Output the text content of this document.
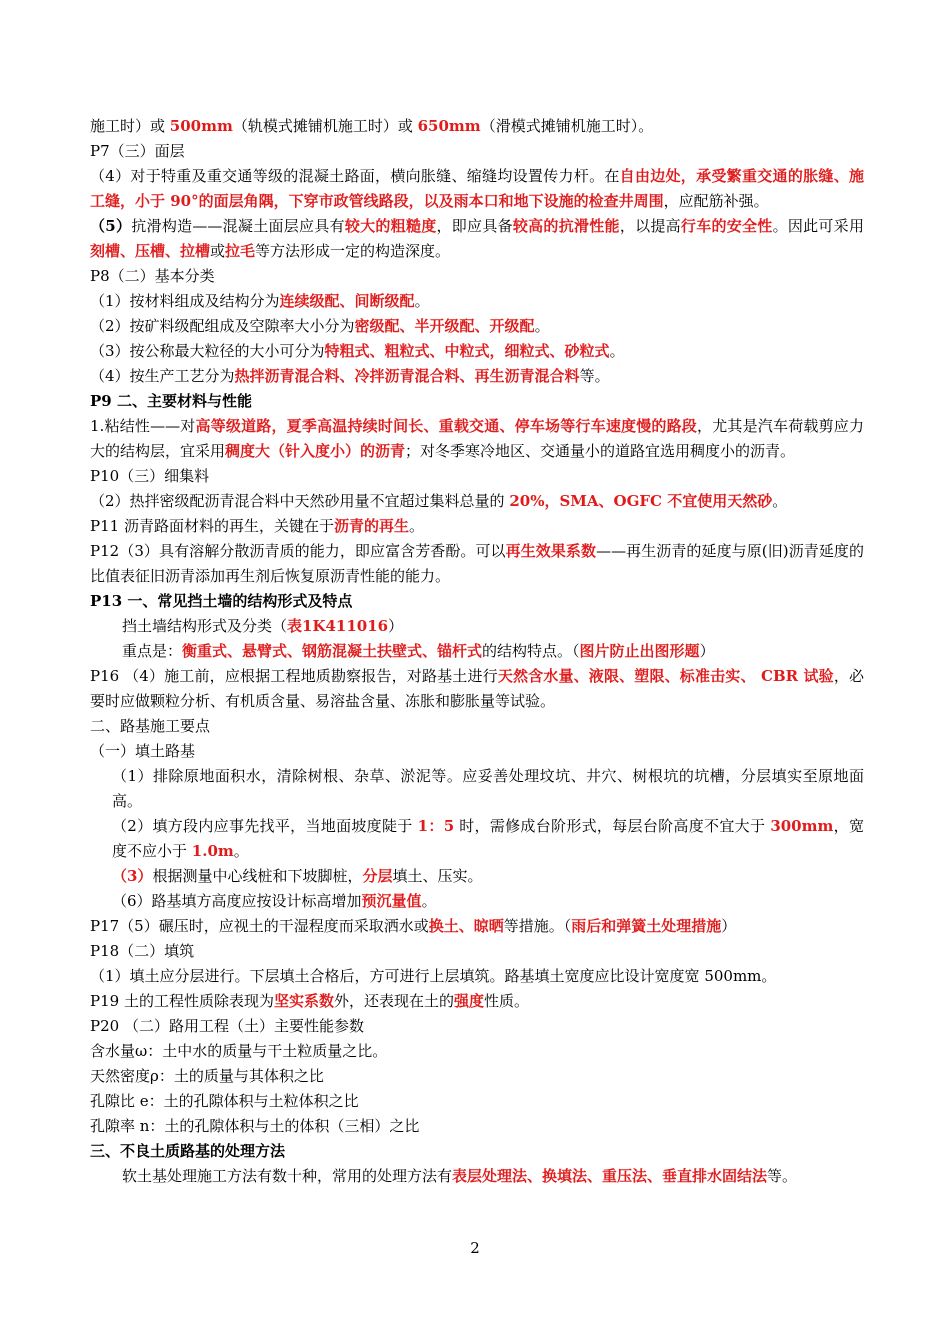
施工时）或 500mm（轨模式摊铺机施工时）或 650mm（滑模式摊铺机施工时）。

P7（三）面层

（4）对于特重及重交通等级的混凝土路面，横向胀缝、缩缝均设置传力杆。在自由边处，承受繁重交通的胀缝、施工缝，小于 90°的面层角隅，下穿市政管线路段，以及雨本口和地下设施的检查井周围，应配筋补强。

（5）抗滑构造——混凝土面层应具有较大的粗糙度，即应具备较高的抗滑性能，以提高行车的安全性。因此可采用刻槽、压槽、拉槽或拉毛等方法形成一定的构造深度。

P8（二）基本分类

（1）按材料组成及结构分为连续级配、间断级配。

（2）按矿料级配组成及空隙率大小分为密级配、半开级配、开级配。

（3）按公称最大粒径的大小可分为特粗式、粗粒式、中粒式，细粒式、砂粒式。

（4）按生产工艺分为热拌沥青混合料、冷拌沥青混合料、再生沥青混合料等。

P9 二、主要材料与性能

1.粘结性——对高等级道路，夏季高温持续时间长、重载交通、停车场等行车速度慢的路段，尤其是汽车荷载剪应力大的结构层，宜采用稠度大（针入度小）的沥青；对冬季寒冷地区、交通量小的道路宜选用稠度小的沥青。

P10（三）细集料

（2）热拌密级配沥青混合料中天然砂用量不宜超过集料总量的 20%，SMA、OGFC 不宜使用天然砂。

P11 沥青路面材料的再生，关键在于沥青的再生。

P12（3）具有溶解分散沥青质的能力，即应富含芳香酚。可以再生效果系数——再生沥青的延度与原(旧)沥青延度的比值表征旧沥青添加再生剂后恢复原沥青性能的能力。

P13 一、常见挡土墙的结构形式及特点

挡土墙结构形式及分类（表1K411016）

重点是：衡重式、悬臂式、钢筋混凝土扶壁式、锚杆式的结构特点。（图片防止出图形题）

P16 （4）施工前，应根据工程地质勘察报告，对路基土进行天然含水量、液限、塑限、标准击实、 CBR 试验，必要时应做颗粒分析、有机质含量、易溶盐含量、冻胀和膨胀量等试验。

二、路基施工要点

（一）填土路基

（1）排除原地面积水，清除树根、杂草、淤泥等。应妥善处理坟坑、井穴、树根坑的坑槽，分层填实至原地面高。

（2）填方段内应事先找平，当地面坡度陡于 1：5 时，需修成台阶形式，每层台阶高度不宜大于 300mm，宽度不应小于 1.0m。

（3）根据测量中心线桩和下坡脚桩，分层填土、压实。

（6）路基填方高度应按设计标高增加预沉量值。

P17（5）碾压时，应视土的干湿程度而采取洒水或换土、晾晒等措施。（雨后和弹簧土处理措施）

P18（二）填筑

（1）填土应分层进行。下层填土合格后，方可进行上层填筑。路基填土宽度应比设计宽度宽 500mm。

P19 土的工程性质除表现为坚实系数外，还表现在土的强度性质。

P20 （二）路用工程（土）主要性能参数

含水量ω：土中水的质量与干土粒质量之比。

天然密度ρ：土的质量与其体积之比

孔隙比 e：土的孔隙体积与土粒体积之比

孔隙率 n：土的孔隙体积与土的体积（三相）之比

三、不良土质路基的处理方法

软土基处理施工方法有数十种，常用的处理方法有表层处理法、换填法、重压法、垂直排水固结法等。

2
